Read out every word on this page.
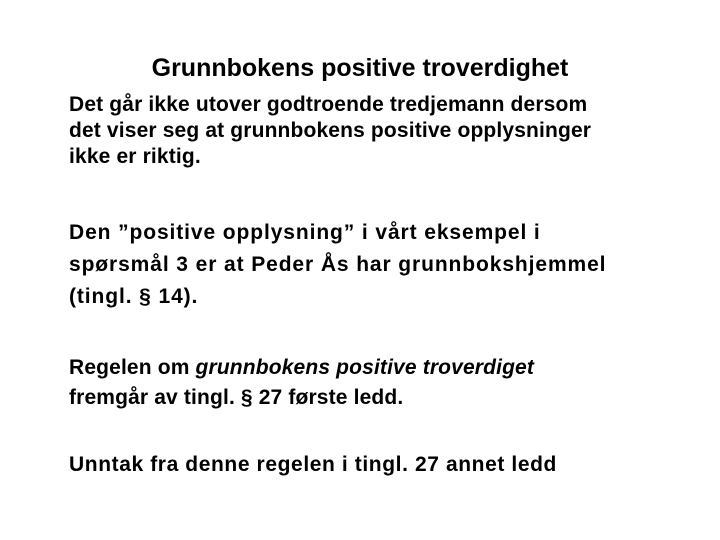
Grunnbokens positive troverdighet
Det går ikke utover godtroende tredjemann dersom
det viser seg at grunnbokens positive opplysninger
ikke er riktig.
Den ”positive opplysning” i vårt eksempel i
spørsmål 3 er at Peder Ås har grunnbokshjemmel
(tingl. § 14).
Regelen om grunnbokens positive troverdiget
fremgår av tingl. § 27 første ledd.
Unntak fra denne regelen i tingl. 27 annet ledd
